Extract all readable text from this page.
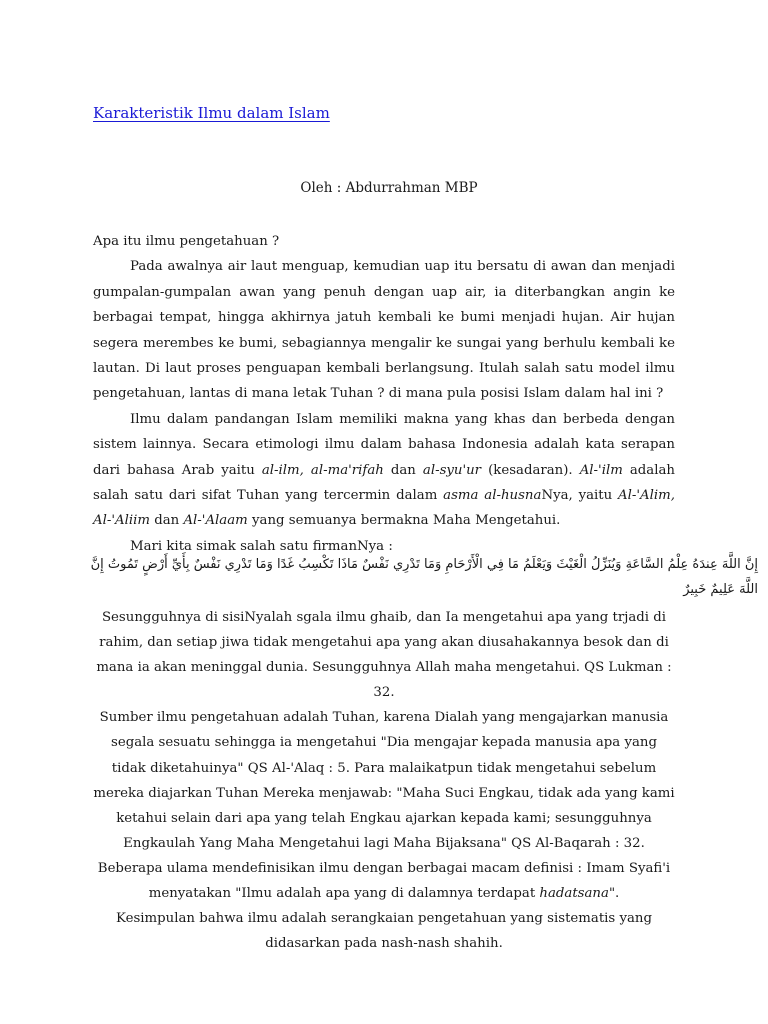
Karakteristik Ilmu dalam Islam
Oleh : Abdurrahman MBP

Apa itu ilmu pengetahuan ?

Pada awalnya air laut menguap, kemudian uap itu bersatu di awan dan menjadi gumpalan-gumpalan awan yang penuh dengan uap air, ia diterbangkan angin ke berbagai tempat, hingga akhirnya jatuh kembali ke bumi menjadi hujan. Air hujan segera merembes ke bumi, sebagiannya mengalir ke sungai yang berhulu kembali ke lautan. Di laut proses penguapan kembali berlangsung. Itulah salah satu model ilmu pengetahuan, lantas di mana letak Tuhan ? di mana pula posisi Islam dalam hal ini ?

Ilmu dalam pandangan Islam memiliki makna yang khas dan berbeda dengan sistem lainnya. Secara etimologi ilmu dalam bahasa Indonesia adalah kata serapan dari bahasa Arab yaitu al-ilm, al-ma'rifah dan al-syu'ur (kesadaran). Al-'ilm adalah salah satu dari sifat Tuhan yang tercermin dalam asma al-husnaNya, yaitu Al-'Alim, Al-'Aliim dan Al-'Alaam yang semuanya bermakna Maha Mengetahui.

Mari kita simak salah satu firmanNya :

إِنَّ اللَّهَ عِندَهُ عِلْمُ السَّاعَةِ وَيُنَزِّلُ الْغَيْثَ وَيَعْلَمُ مَا فِي الْأَرْحَامِ وَمَا تَدْرِي نَفْسٌ مَاذَا تَكْسِبُ غَدًا وَمَا تَدْرِي نَفْسٌ بِأَيِّ أَرْضٍ تَمُوتُ إِنَّ اللَّهَ عَلِيمٌ خَبِيرٌ

Sesungguhnya di sisiNyalah sgala ilmu ghaib, dan Ia mengetahui apa yang trjadi di rahim, dan setiap jiwa tidak mengetahui apa yang akan diusahakannya besok dan di mana ia akan meninggal dunia. Sesungguhnya Allah maha mengetahui. QS Lukman : 32.

Sumber ilmu pengetahuan adalah Tuhan, karena Dialah yang mengajarkan manusia segala sesuatu sehingga ia mengetahui "Dia mengajar kepada manusia apa yang tidak diketahuinya" QS Al-'Alaq : 5. Para malaikatpun tidak mengetahui sebelum mereka diajarkan Tuhan Mereka menjawab: "Maha Suci Engkau, tidak ada yang kami ketahui selain dari apa yang telah Engkau ajarkan kepada kami; sesungguhnya Engkaulah Yang Maha Mengetahui lagi Maha Bijaksana" QS Al-Baqarah : 32.

Beberapa ulama mendefinisikan ilmu dengan berbagai macam definisi : Imam Syafi'i menyatakan "Ilmu adalah apa yang di dalamnya terdapat hadatsana".

Kesimpulan bahwa ilmu adalah serangkaian pengetahuan yang sistematis yang didasarkan pada nash-nash shahih.
